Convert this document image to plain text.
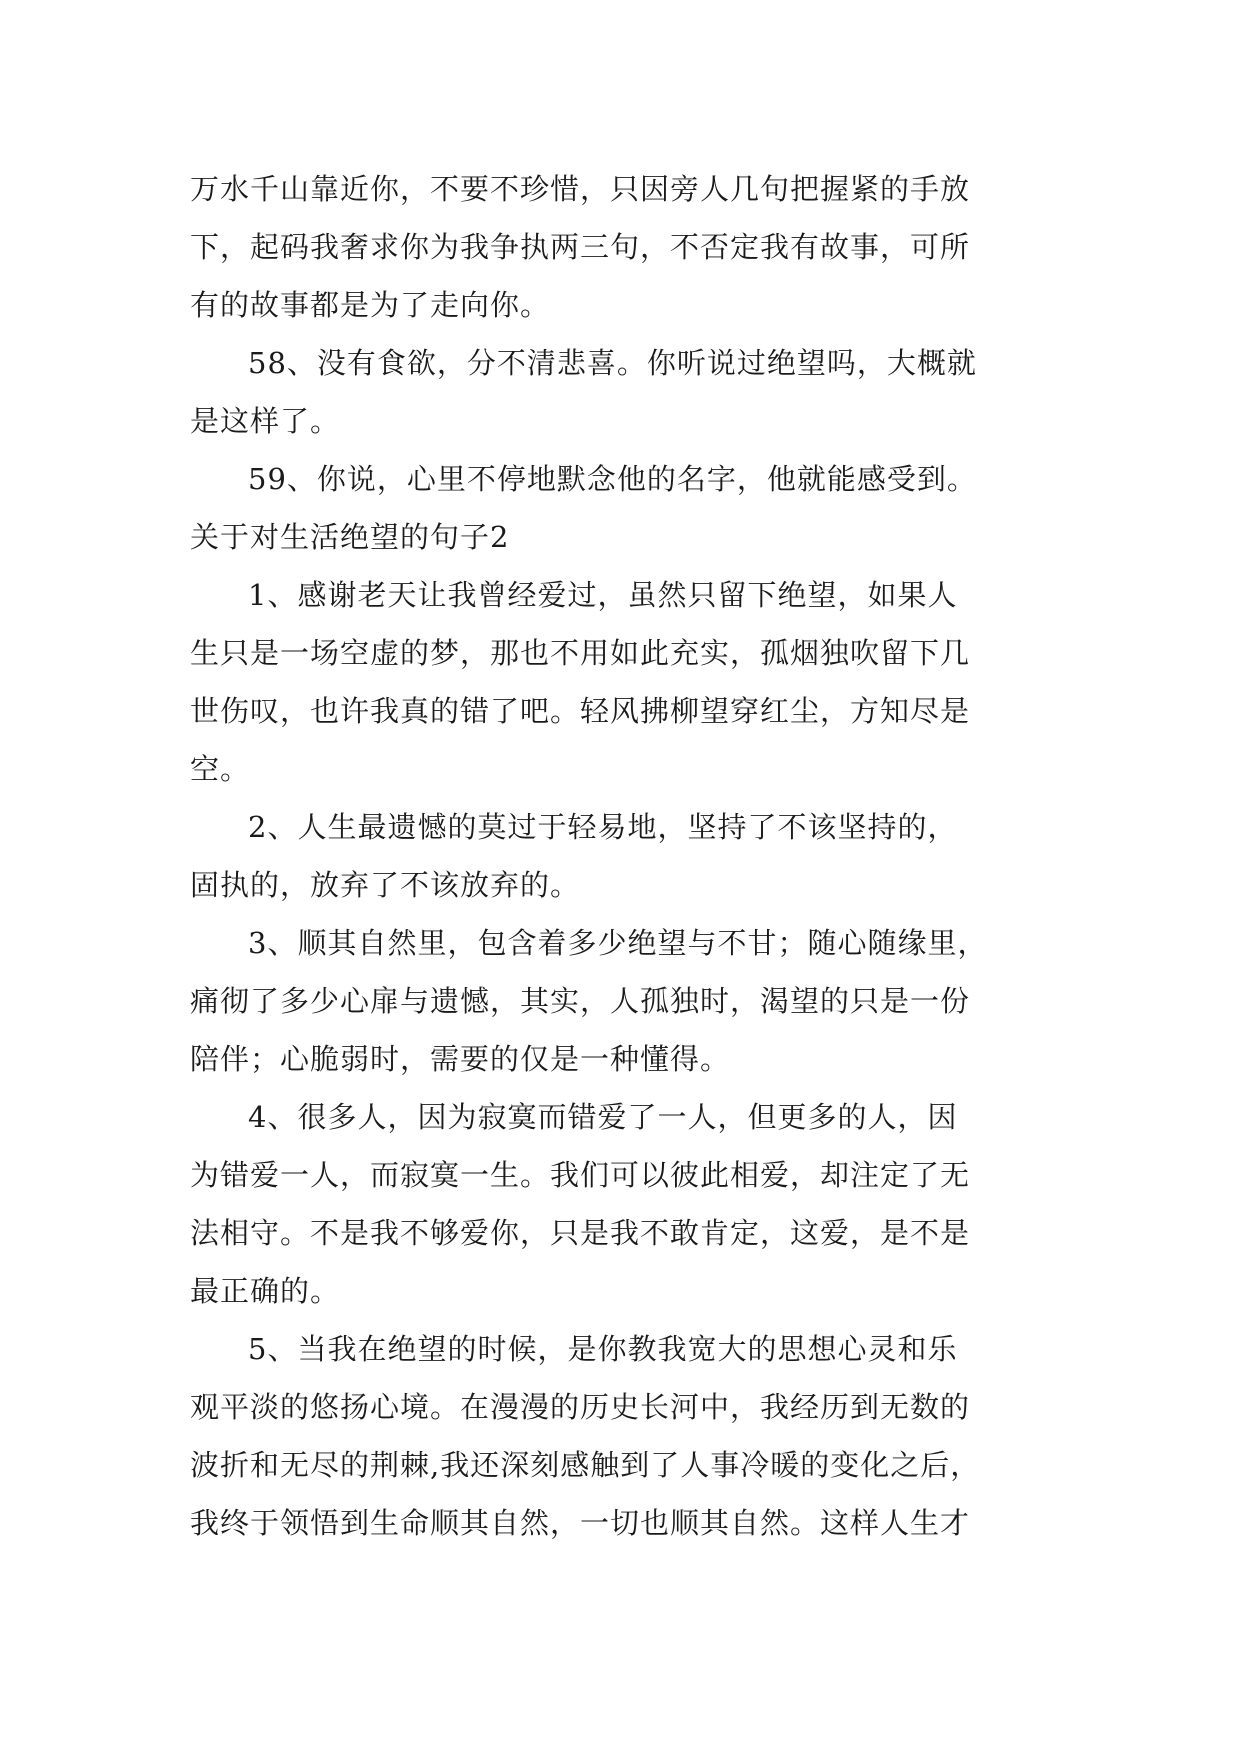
万水千山靠近你，不要不珍惜，只因旁人几句把握紧的手放
下，起码我奢求你为我争执两三句，不否定我有故事，可所
有的故事都是为了走向你。
58、没有食欲，分不清悲喜。你听说过绝望吗，大概就
是这样了。
59、你说，心里不停地默念他的名字，他就能感受到。
关于对生活绝望的句子2
1、感谢老天让我曾经爱过，虽然只留下绝望，如果人
生只是一场空虚的梦，那也不用如此充实，孤烟独吹留下几
世伤叹，也许我真的错了吧。轻风拂柳望穿红尘，方知尽是
空。
2、人生最遗憾的莫过于轻易地，坚持了不该坚持的，
固执的，放弃了不该放弃的。
3、顺其自然里，包含着多少绝望与不甘；随心随缘里，
痛彻了多少心扉与遗憾，其实，人孤独时，渴望的只是一份
陪伴；心脆弱时，需要的仅是一种懂得。
4、很多人，因为寂寞而错爱了一人，但更多的人，因
为错爱一人，而寂寞一生。我们可以彼此相爱，却注定了无
法相守。不是我不够爱你，只是我不敢肯定，这爱，是不是
最正确的。
5、当我在绝望的时候，是你教我宽大的思想心灵和乐
观平淡的悠扬心境。在漫漫的历史长河中，我经历到无数的
波折和无尽的荆棘,我还深刻感触到了人事冷暖的变化之后，
我终于领悟到生命顺其自然，一切也顺其自然。这样人生才
